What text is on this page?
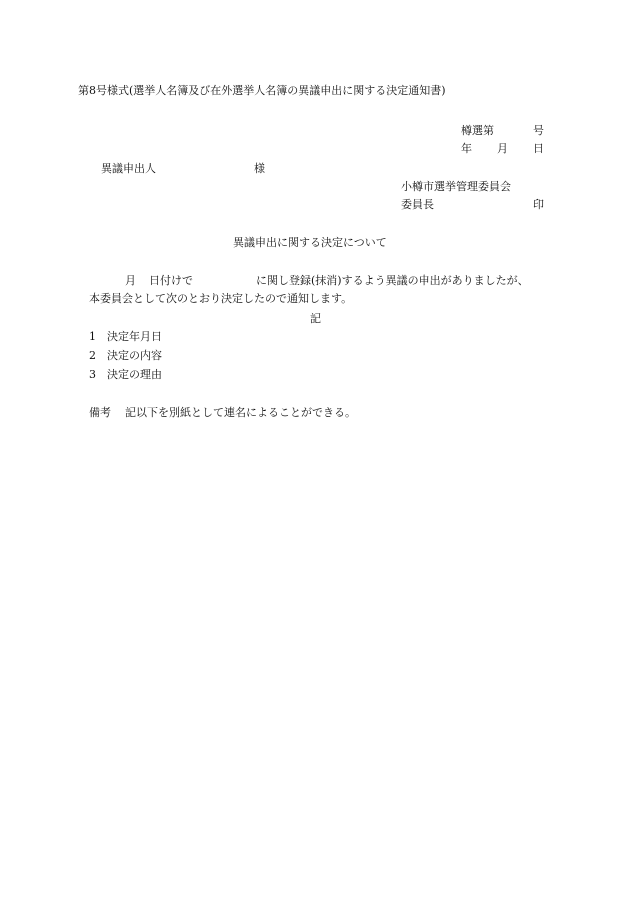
第8号様式(選挙人名簿及び在外選挙人名簿の異議申出に関する決定通知書)
樽選第	号
年 月 日
異議申出人	様
小樽市選挙管理委員会
委員長	印
異議申出に関する決定について
月 日付けで	に関し登録(抹消)するよう異議の申出がありましたが、
本委員会として次のとおり決定したので通知します。
記
1 決定年月日
2 決定の内容
3 決定の理由
備考 記以下を別紙として連名によることができる。
